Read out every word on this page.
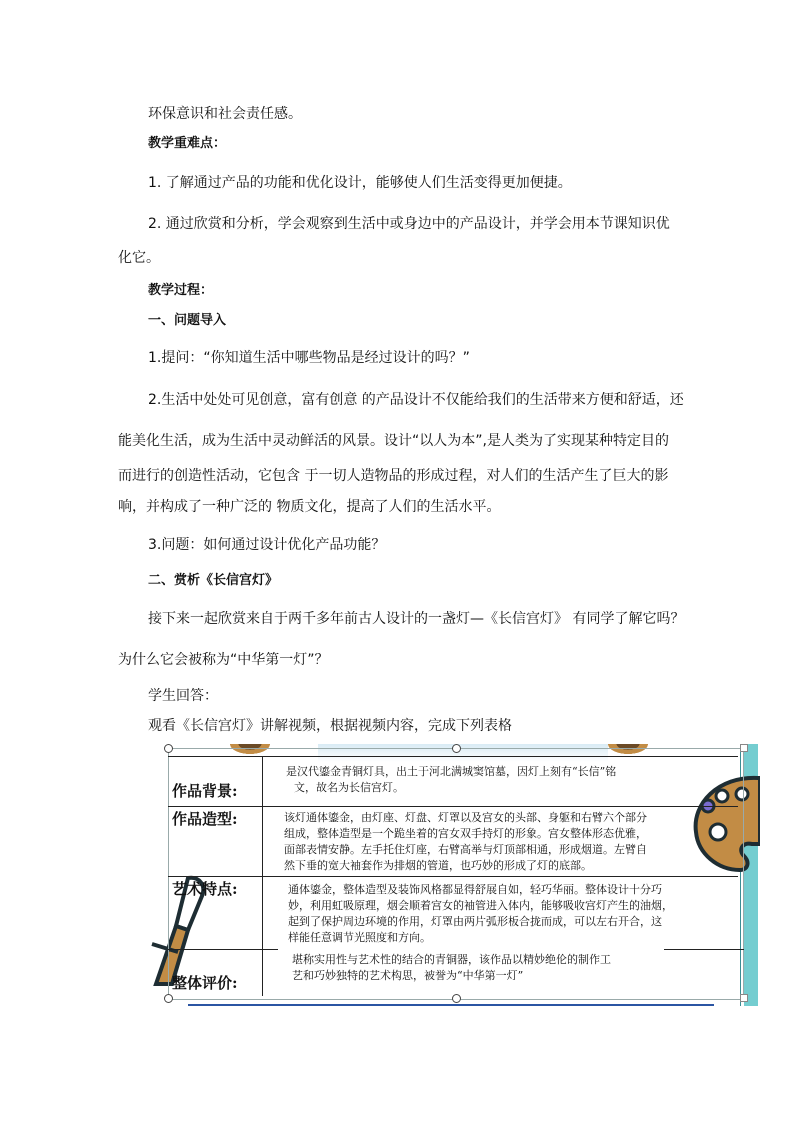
环保意识和社会责任感。
教学重难点：
1. 了解通过产品的功能和优化设计，能够使人们生活变得更加便捷。
2. 通过欣赏和分析，学会观察到生活中或身边中的产品设计，并学会用本节课知识优
化它。
教学过程：
一、问题导入
1.提问：“你知道生活中哪些物品是经过设计的吗？”
2.生活中处处可见创意，富有创意 的产品设计不仅能给我们的生活带来方便和舒适，还
能美化生活，成为生活中灵动鲜活的风景。设计“以人为本”,是人类为了实现某种特定目的
而进行的创造性活动，它包含 于一切人造物品的形成过程，对人们的生活产生了巨大的影
响，并构成了一种广泛的 物质文化，提高了人们的生活水平。
3.问题：如何通过设计优化产品功能？
二、赏析《长信宫灯》
接下来一起欣赏来自于两千多年前古人设计的一盏灯—《长信宫灯》 有同学了解它吗？
为什么它会被称为“中华第一灯”？
学生回答：
观看《长信宫灯》讲解视频，根据视频内容，完成下列表格
作品背景:
是汉代鎏金青铜灯具，出土于河北满城窦馆墓，因灯上刻有“长信”铭
文，故名为长信宫灯。
作品造型:	该灯通体鎏金，由灯座、灯盘、灯罩以及宫女的头部、身躯和右臂六个部分
组成，整体造型是一个跪坐着的宫女双手持灯的形象。宫女整体形态优雅，
面部表情安静。左手托住灯座，右臂高举与灯顶部相通，形成烟道。左臂自
然下垂的宽大袖套作为排烟的管道，也巧妙的形成了灯的底部。
艺术特点:	通体鎏金，整体造型及装饰风格都显得舒展自如，轻巧华丽。整体设计十分巧
妙，利用虹吸原理，烟会顺着宫女的袖管进入体内，能够吸收宫灯产生的油烟，
起到了保护周边环境的作用，灯罩由两片弧形板合拢而成，可以左右开合，这
样能任意调节光照度和方向。
整体评价:
堪称实用性与艺术性的结合的青铜器，该作品以精妙绝伦的制作工
艺和巧妙独特的艺术构思，被誉为“中华第一灯”
